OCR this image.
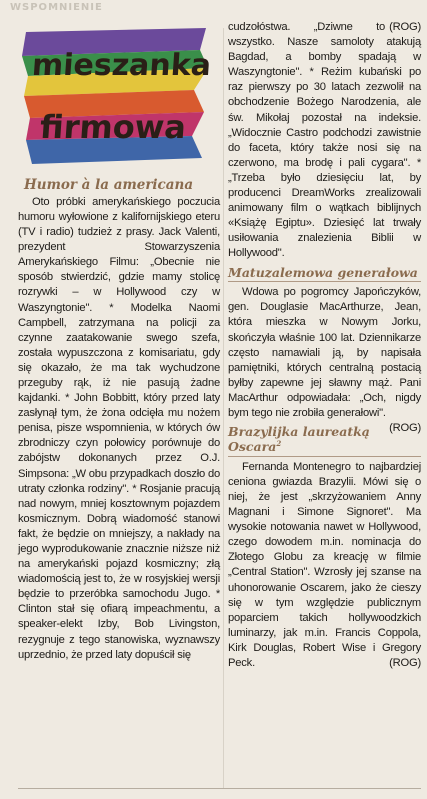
WSPOMNIENIE
mieszanka
firmowa
Humor à la americana

Oto próbki amerykańskiego poczucia humoru wyłowione z kalifornijskiego eteru (TV i radio) tudzież z prasy. Jack Valenti, prezydent Stowarzyszenia Amerykańskiego Filmu: „Obecnie nie sposób stwierdzić, gdzie mamy stolicę rozrywki – w Hollywood czy w Waszyngtonie". * Modelka Naomi Campbell, zatrzymana na policji za czynne zaatakowanie swego szefa, została wypuszczona z komisariatu, gdy się okazało, że ma tak wychudzone przeguby rąk, iż nie pasują żadne kajdanki. * John Bobbitt, który przed laty zasłynął tym, że żona odcięła mu nożem penisa, pisze wspomnienia, w których ów zbrodniczy czyn połowicy porównuje do zabójstw dokonanych przez O.J. Simpsona: „W obu przypadkach doszło do utraty członka rodziny". * Rosjanie pracują nad nowym, mniej kosztownym pojazdem kosmicznym. Dobrą wiadomość stanowi fakt, że będzie on mniejszy, a nakłady na jego wyprodukowanie znacznie niższe niż na amerykański pojazd kosmiczny; złą wiadomością jest to, że w rosyjskiej wersji będzie to przeróbka samochodu Jugo. * Clinton stał się ofiarą impeachmentu, a speaker-elekt Izby, Bob Livingston, rezygnuje z tego stanowiska, wyznawszy uprzednio, że przed laty dopuścił się

(ROG)
cudzołóstwa. „Dziwne to wszystko. Nasze samoloty atakują Bagdad, a bomby spadają w Waszyngtonie". * Reżim kubański po raz pierwszy po 30 latach zezwolił na obchodzenie Bożego Narodzenia, ale św. Mikołaj pozostał na indeksie. „Widocznie Castro podchodzi zawistnie do faceta, który także nosi się na czerwono, ma brodę i pali cygara". * „Trzeba było dziesięciu lat, by producenci DreamWorks zrealizowali animowany film o wątkach biblijnych «Książę Egiptu». Dziesięć lat trwały usiłowania znalezienia Biblii w Hollywood".

Matuzalemowa generałowa

Wdowa po pogromcy Japończyków, gen. Douglasie MacArthurze, Jean, która mieszka w Nowym Jorku, skończyła właśnie 100 lat. Dziennikarze często namawiali ją, by napisała pamiętniki, których centralną postacią byłby zapewne jej sławny mąż. Pani MacArthur odpowiadała: „Och, nigdy bym tego nie zrobiła generałowi".
(ROG)

Brazylijka laureatką
Oscara$^2$

Fernanda Montenegro to najbardziej ceniona gwiazda Brazylii. Mówi się o niej, że jest „skrzyżowaniem Anny Magnani i Simone Signoret". Ma wysokie notowania nawet w Hollywood, czego dowodem m.in. nominacja do Złotego Globu za kreację w filmie „Central Station". Wzrosły jej szanse na uhonorowanie Oscarem, jako że cieszy się w tym względzie publicznym poparciem takich hollywoodzkich luminarzy, jak m.in. Francis Coppola, Kirk Douglas, Robert Wise i Gregory Peck.	(ROG)
